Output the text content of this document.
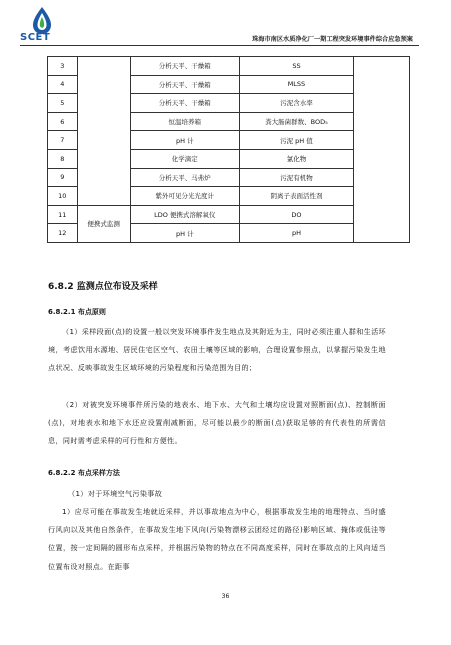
SCET	珠海市南区水质净化厂一期工程突发环境事件综合应急预案
3		分析天平、干燥箱	SS	
4		分析天平、干燥箱	MLSS	
5		分析天平、干燥箱	污泥含水率	
6		恒温培养箱	粪大肠菌群数、BOD₅	
7		pH 计	污泥 pH 值	
8		化学滴定	氯化物	
9		分析天平、马弗炉	污泥有机物	
10		紫外可见分光光度计	阴离子表面活性剂	
11	便携式监测	LDO 便携式溶解氧仪	DO	
12		pH 计	pH	
6.8.2 监测点位布设及采样
6.8.2.1 布点原则
（1）采样段面(点)的设置一般以突发环境事件发生地点及其附近为主，同时必须注重人群和生活环境，考虑饮用水源地、居民住宅区空气、农田土壤等区域的影响，合理设置参照点，以掌握污染发生地点状况、反映事故发生区域环境的污染程度和污染范围为目的；
（2）对被突发环境事件所污染的地表水、地下水、大气和土壤均应设置对照断面(点)、控制断面(点)，对地表水和地下水还应设置削减断面，尽可能以最少的断面(点)获取足够的有代表性的所需信息，同时需考虑采样的可行性和方便性。
6.8.2.2 布点采样方法
（1）对于环境空气污染事故
1）应尽可能在事故发生地就近采样，并以事故地点为中心，根据事故发生地的地理特点、当时盛行风向以及其他自然条件，在事故发生地下风向(污染物漂移云团经过的路径)影响区域、掩体或低洼等位置，按一定间隔的圆形布点采样，并根据污染物的特点在不同高度采样，同时在事故点的上风向适当位置布设对照点。在距事
36
